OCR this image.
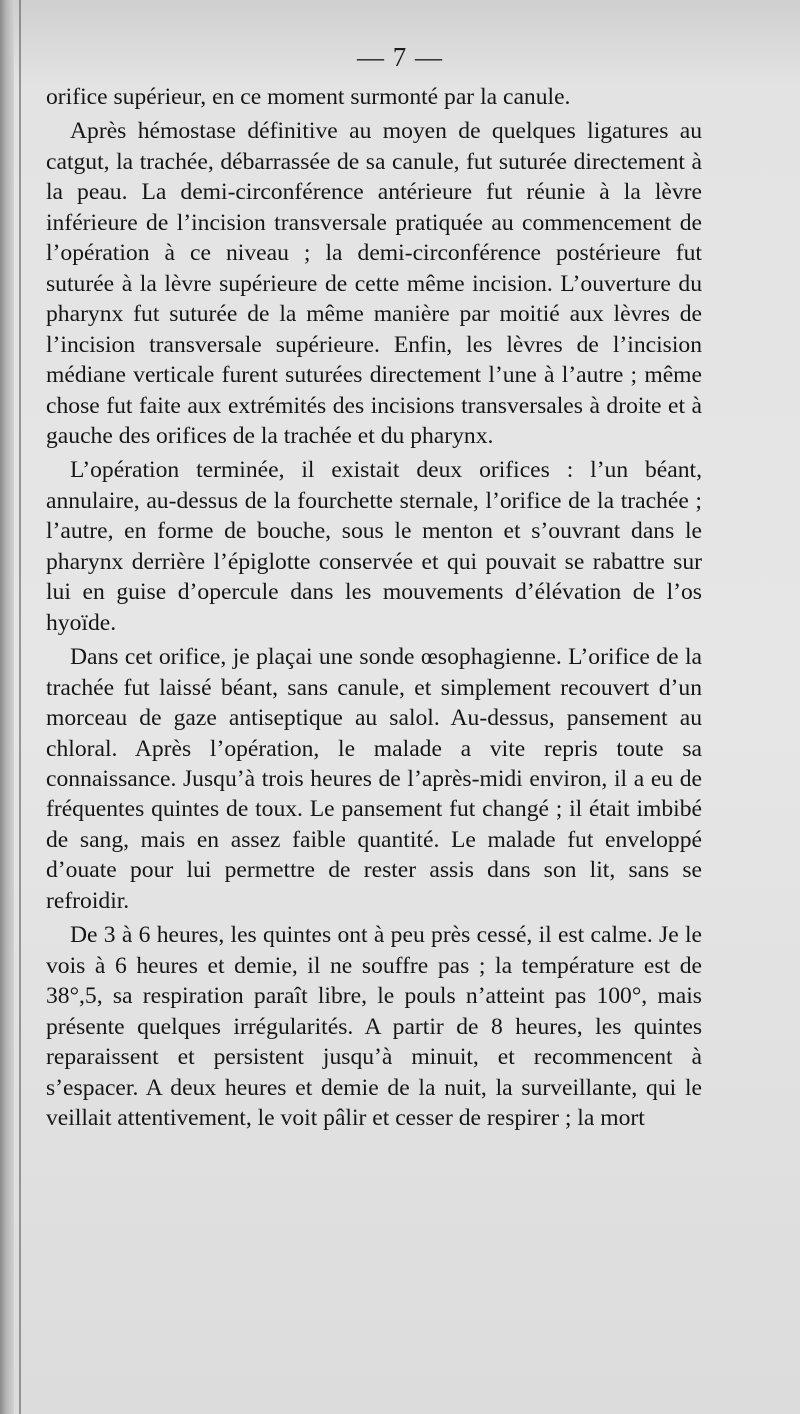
— 7 —

orifice supérieur, en ce moment surmonté par la canule.

Après hémostase définitive au moyen de quelques ligatures au catgut, la trachée, débarrassée de sa canule, fut suturée directement à la peau. La demi-circonférence antérieure fut réunie à la lèvre inférieure de l’incision transversale pratiquée au commencement de l’opération à ce niveau ; la demi-circonférence postérieure fut suturée à la lèvre supérieure de cette même incision. L’ouverture du pharynx fut suturée de la même manière par moitié aux lèvres de l’incision transversale supérieure. Enfin, les lèvres de l’incision médiane verticale furent suturées directement l’une à l’autre ; même chose fut faite aux extrémités des incisions transversales à droite et à gauche des orifices de la trachée et du pharynx.

L’opération terminée, il existait deux orifices : l’un béant, annulaire, au-dessus de la fourchette sternale, l’orifice de la trachée ; l’autre, en forme de bouche, sous le menton et s’ouvrant dans le pharynx derrière l’épiglotte conservée et qui pouvait se rabattre sur lui en guise d’opercule dans les mouvements d’élévation de l’os hyoïde.

Dans cet orifice, je plaçai une sonde œsophagienne. L’orifice de la trachée fut laissé béant, sans canule, et simplement recouvert d’un morceau de gaze antiseptique au salol. Au-dessus, pansement au chloral. Après l’opération, le malade a vite repris toute sa connaissance. Jusqu’à trois heures de l’après-midi environ, il a eu de fréquentes quintes de toux. Le pansement fut changé ; il était imbibé de sang, mais en assez faible quantité. Le malade fut enveloppé d’ouate pour lui permettre de rester assis dans son lit, sans se refroidir.

De 3 à 6 heures, les quintes ont à peu près cessé, il est calme. Je le vois à 6 heures et demie, il ne souffre pas ; la température est de 38°,5, sa respiration paraît libre, le pouls n’atteint pas 100°, mais présente quelques irrégularités. A partir de 8 heures, les quintes reparaissent et persistent jusqu’à minuit, et recommencent à s’espacer. A deux heures et demie de la nuit, la surveillante, qui le veillait attentivement, le voit pâlir et cesser de respirer ; la mort
